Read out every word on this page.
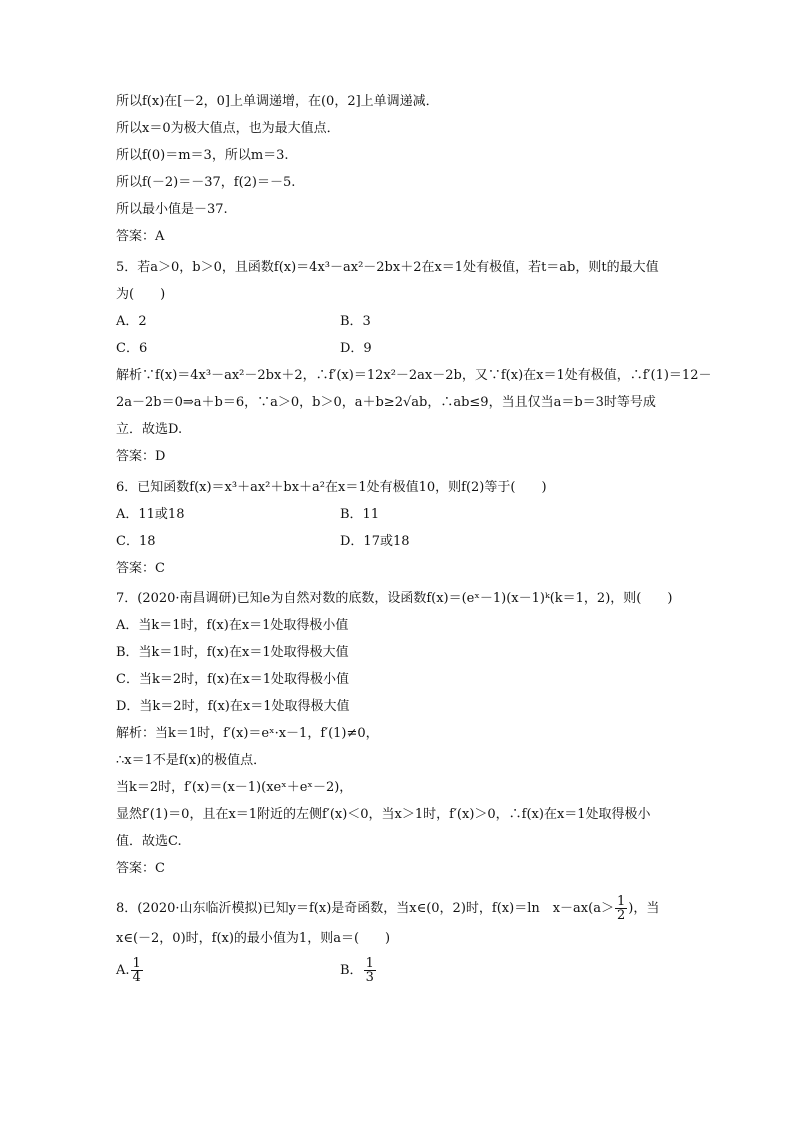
所以f(x)在[－2，0]上单调递增，在(0，2]上单调递减．
所以x＝0为极大值点，也为最大值点．
所以f(0)＝m＝3，所以m＝3.
所以f(－2)＝－37，f(2)＝－5.
所以最小值是－37.
答案：A
5．若a＞0，b＞0，且函数f(x)＝4x³－ax²－2bx＋2在x＝1处有极值，若t＝ab，则t的最大值
为(　　)
A．2	B．3
C．6	D．9
解析∵f(x)＝4x³－ax²－2bx＋2，∴f′(x)＝12x²－2ax－2b，又∵f(x)在x＝1处有极值，∴f′(1)＝12－
2a－2b＝0⇒a＋b＝6，∵a＞0，b＞0，a＋b≥2√ab，∴ab≤9，当且仅当a＝b＝3时等号成
立．故选D.
答案：D
6．已知函数f(x)＝x³＋ax²＋bx＋a²在x＝1处有极值10，则f(2)等于(　　)
A．11或18	B．11
C．18	D．17或18
答案：C
7．(2020·南昌调研)已知e为自然对数的底数，设函数f(x)＝(eˣ－1)(x－1)ᵏ(k＝1，2)，则(　　)
A．当k＝1时，f(x)在x＝1处取得极小值
B．当k＝1时，f(x)在x＝1处取得极大值
C．当k＝2时，f(x)在x＝1处取得极小值
D．当k＝2时，f(x)在x＝1处取得极大值
解析：当k＝1时，f′(x)＝eˣ·x－1，f′(1)≠0，
∴x＝1不是f(x)的极值点．
当k＝2时，f′(x)＝(x－1)(xeˣ＋eˣ－2)，
显然f′(1)＝0，且在x＝1附近的左侧f′(x)＜0，当x＞1时，f′(x)＞0，∴f(x)在x＝1处取得极小
值．故选C.
答案：C
8．(2020·山东临沂模拟)已知y＝f(x)是奇函数，当x∈(0，2)时，f(x)＝ln　$x-ax(a> \frac{1}{2}$ )，当
x∈(－2，0)时，f(x)的最小值为1，则a＝(　　)
A. $\frac{1}{4}$	B． $\frac{1}{3}$
